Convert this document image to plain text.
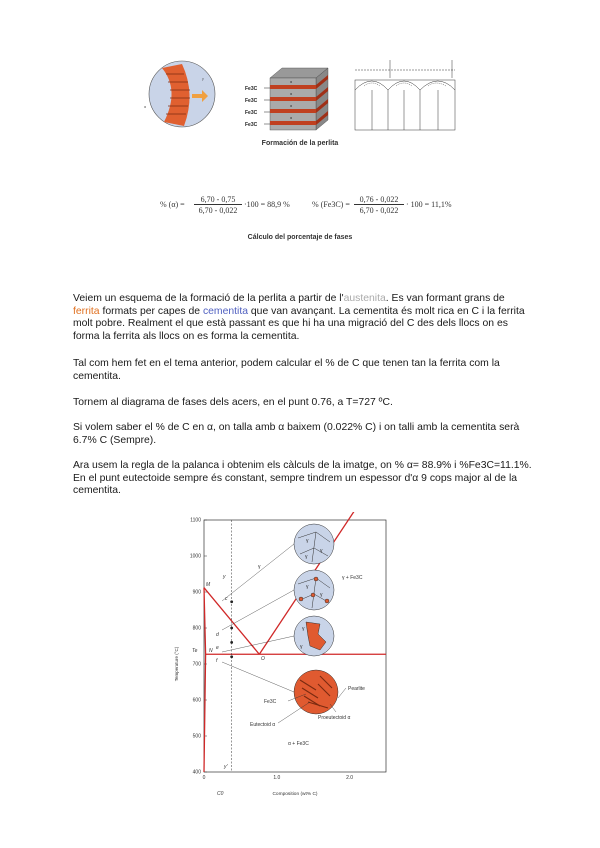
α
γ
Fe3C
Fe3C
Fe3C
Fe3C
α
α
α
α
Formación de la perlita
% (α) =
6,70 - 0,75
6,70 - 0,022
·100 = 88,9 %	% (Fe3C) =
0,76 - 0,022
6,70 - 0,022
· 100 = 11,1%
Cálculo del porcentaje de fases

Veiem un esquema de la formació de la perlita a partir de l'austenita. Es van formant grans de ferrita formats per capes de cementita que van avançant. La cementita és molt rica en C i la ferrita molt pobre. Realment el que està passant es que hi ha una migració del C des dels llocs on es forma la ferrita als llocs on es forma la cementita.

Tal com hem fet en el tema anterior, podem calcular el % de C que tenen tan la ferrita com la cementita.

Tornem al diagrama de fases dels acers, en el punt 0.76, a T=727 ºC.

Si volem saber el % de C en α, on talla amb α baixem (0.022% C) i on talli amb la cementita serà 6.7% C (Sempre).

Ara usem la regla de la palanca i obtenim els càlculs de la imatge, on % α= 88.9% i %Fe3C=11.1%. En el punt eutectoide sempre és constant, sempre tindrem un espessor d'α 9 cops major al de la cementita.

1100
1000
900
800
700
600
500
400
0	1.0	2.0
Temperature (°C)
Composition (wt% C)
γ
γ
γ
γ
γ
γ
γ
γ
γ + Fe3C
α + Fe3C
Pearlite
Proeutectoid α
Eutectoid α
Fe3C
M
N
O
Te
C0
y'
y
c
d
e
f
